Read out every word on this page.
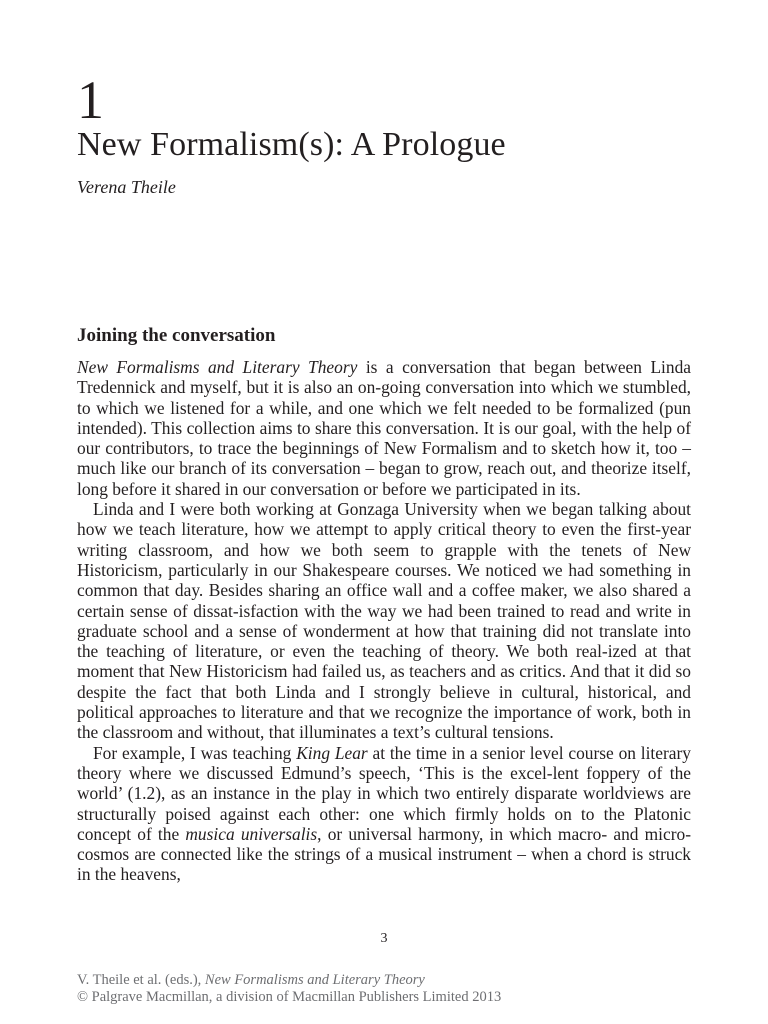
1
New Formalism(s): A Prologue

Verena Theile

Joining the conversation

New Formalisms and Literary Theory is a conversation that began between Linda Tredennick and myself, but it is also an on-going conversation into which we stumbled, to which we listened for a while, and one which we felt needed to be formalized (pun intended). This collection aims to share this conversation. It is our goal, with the help of our contributors, to trace the beginnings of New Formalism and to sketch how it, too – much like our branch of its conversation – began to grow, reach out, and theorize itself, long before it shared in our conversation or before we participated in its.

Linda and I were both working at Gonzaga University when we began talking about how we teach literature, how we attempt to apply critical theory to even the first-year writing classroom, and how we both seem to grapple with the tenets of New Historicism, particularly in our Shakespeare courses. We noticed we had something in common that day. Besides sharing an office wall and a coffee maker, we also shared a certain sense of dissat-isfaction with the way we had been trained to read and write in graduate school and a sense of wonderment at how that training did not translate into the teaching of literature, or even the teaching of theory. We both real-ized at that moment that New Historicism had failed us, as teachers and as critics. And that it did so despite the fact that both Linda and I strongly believe in cultural, historical, and political approaches to literature and that we recognize the importance of work, both in the classroom and without, that illuminates a text’s cultural tensions.

For example, I was teaching King Lear at the time in a senior level course on literary theory where we discussed Edmund’s speech, ‘This is the excel-lent foppery of the world’ (1.2), as an instance in the play in which two entirely disparate worldviews are structurally poised against each other: one which firmly holds on to the Platonic concept of the musica universalis, or universal harmony, in which macro- and micro-cosmos are connected like the strings of a musical instrument – when a chord is struck in the heavens,

3

V. Theile et al. (eds.), New Formalisms and Literary Theory
© Palgrave Macmillan, a division of Macmillan Publishers Limited 2013
